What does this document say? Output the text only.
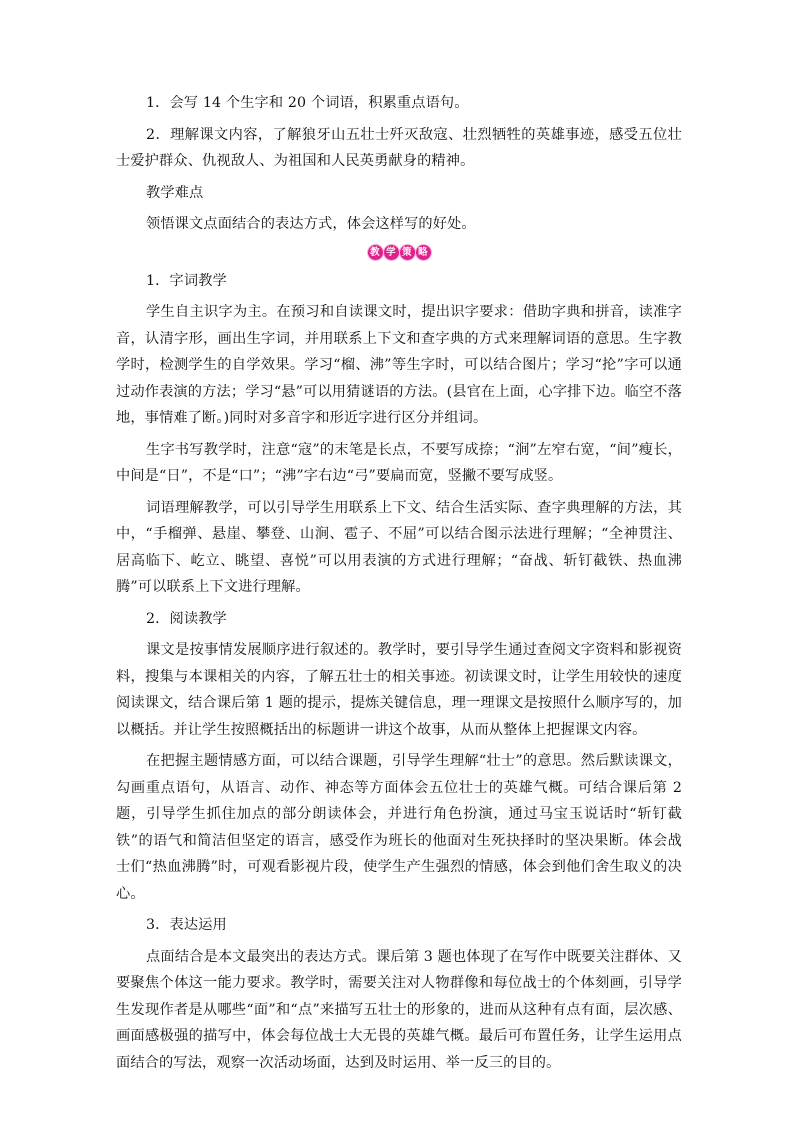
1．会写 14 个生字和 20 个词语，积累重点语句。

2．理解课文内容，了解狼牙山五壮士歼灭敌寇、壮烈牺牲的英雄事迹，感受五位壮士爱护群众、仇视敌人、为祖国和人民英勇献身的精神。

教学难点

领悟课文点面结合的表达方式，体会这样写的好处。

教 学 策 略

1．字词教学

学生自主识字为主。在预习和自读课文时，提出识字要求：借助字典和拼音，读准字音，认清字形，画出生字词，并用联系上下文和查字典的方式来理解词语的意思。生字教学时，检测学生的自学效果。学习“榴、沸”等生字时，可以结合图片；学习“抡”字可以通过动作表演的方法；学习“悬”可以用猜谜语的方法。(县官在上面，心字排下边。临空不落地，事情难了断。)同时对多音字和形近字进行区分并组词。

生字书写教学时，注意“寇”的末笔是长点，不要写成捺；“涧”左窄右宽，“间”瘦长，中间是“日”，不是“口”；“沸”字右边“弓”要扁而宽，竖撇不要写成竖。

词语理解教学，可以引导学生用联系上下文、结合生活实际、查字典理解的方法，其中，“手榴弹、悬崖、攀登、山涧、雹子、不屈”可以结合图示法进行理解；“全神贯注、居高临下、屹立、眺望、喜悦”可以用表演的方式进行理解；“奋战、斩钉截铁、热血沸腾”可以联系上下文进行理解。

2．阅读教学

课文是按事情发展顺序进行叙述的。教学时，要引导学生通过查阅文字资料和影视资料，搜集与本课相关的内容，了解五壮士的相关事迹。初读课文时，让学生用较快的速度阅读课文，结合课后第 1 题的提示，提炼关键信息，理一理课文是按照什么顺序写的，加以概括。并让学生按照概括出的标题讲一讲这个故事，从而从整体上把握课文内容。

在把握主题情感方面，可以结合课题，引导学生理解“壮士”的意思。然后默读课文，勾画重点语句，从语言、动作、神态等方面体会五位壮士的英雄气概。可结合课后第 2 题，引导学生抓住加点的部分朗读体会，并进行角色扮演，通过马宝玉说话时“斩钉截铁”的语气和简洁但坚定的语言，感受作为班长的他面对生死抉择时的坚决果断。体会战士们“热血沸腾”时，可观看影视片段，使学生产生强烈的情感，体会到他们舍生取义的决心。

3．表达运用

点面结合是本文最突出的表达方式。课后第 3 题也体现了在写作中既要关注群体、又要聚焦个体这一能力要求。教学时，需要关注对人物群像和每位战士的个体刻画，引导学生发现作者是从哪些“面”和“点”来描写五壮士的形象的，进而从这种有点有面，层次感、画面感极强的描写中，体会每位战士大无畏的英雄气概。最后可布置任务，让学生运用点面结合的写法，观察一次活动场面，达到及时运用、举一反三的目的。
